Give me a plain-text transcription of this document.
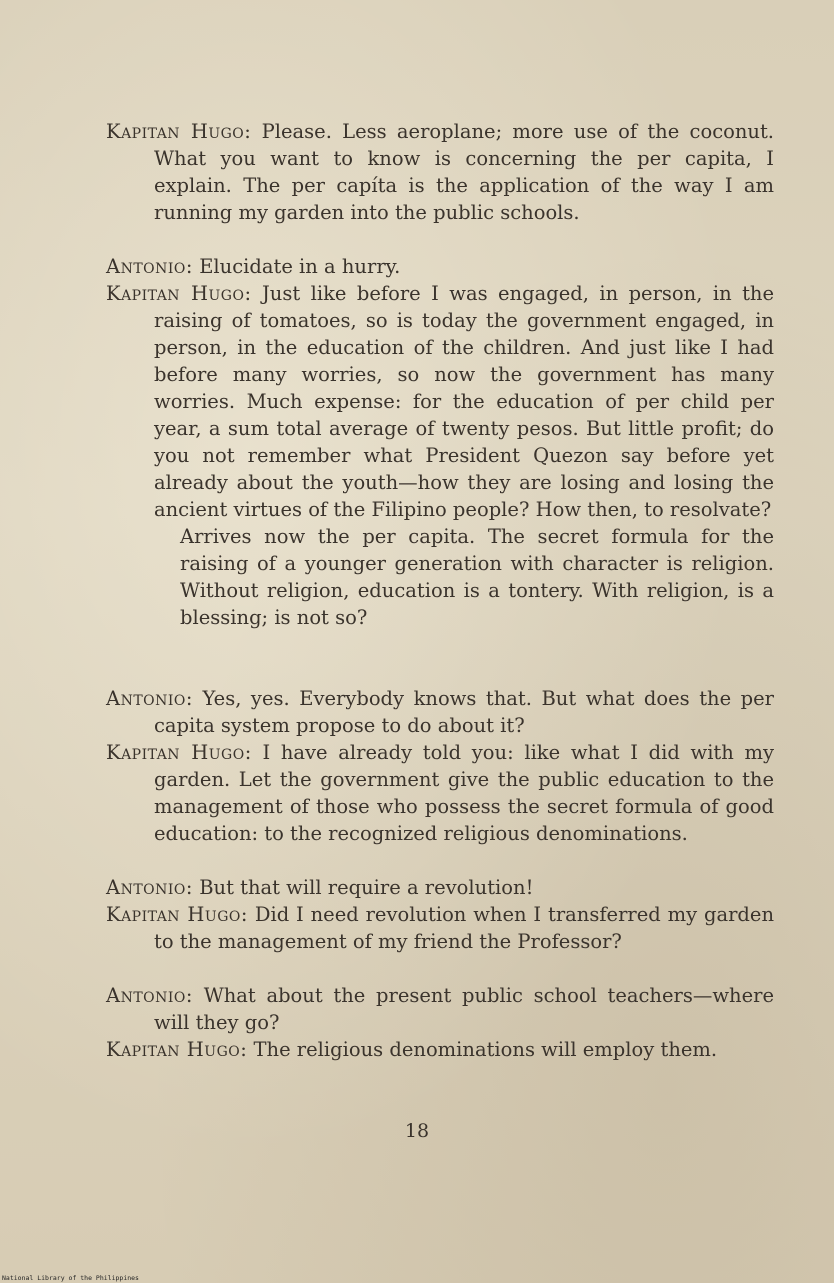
Kapitan Hugo: Please. Less aeroplane; more use of the coconut. What you want to know is concerning the per capita, I explain. The per capíta is the application of the way I am running my garden into the public schools.
Antonio: Elucidate in a hurry.
Kapitan Hugo: Just like before I was engaged, in person, in the raising of tomatoes, so is today the government engaged, in person, in the education of the children. And just like I had before many worries, so now the government has many worries. Much expense: for the education of per child per year, a sum total average of twenty pesos. But little profit; do you not remember what President Quezon say before yet already about the youth—how they are losing and losing the ancient virtues of the Filipino people? How then, to resolvate?
Arrives now the per capita. The secret formula for the raising of a younger generation with character is religion. Without religion, education is a tontery. With religion, is a blessing; is not so?
Antonio: Yes, yes. Everybody knows that. But what does the per capita system propose to do about it?
Kapitan Hugo: I have already told you: like what I did with my garden. Let the government give the public education to the management of those who possess the secret formula of good education: to the recognized religious denominations.
Antonio: But that will require a revolution!
Kapitan Hugo: Did I need revolution when I transferred my garden to the management of my friend the Professor?
Antonio: What about the present public school teachers—where will they go?
Kapitan Hugo: The religious denominations will employ them.
18
National Library of the Philippines
